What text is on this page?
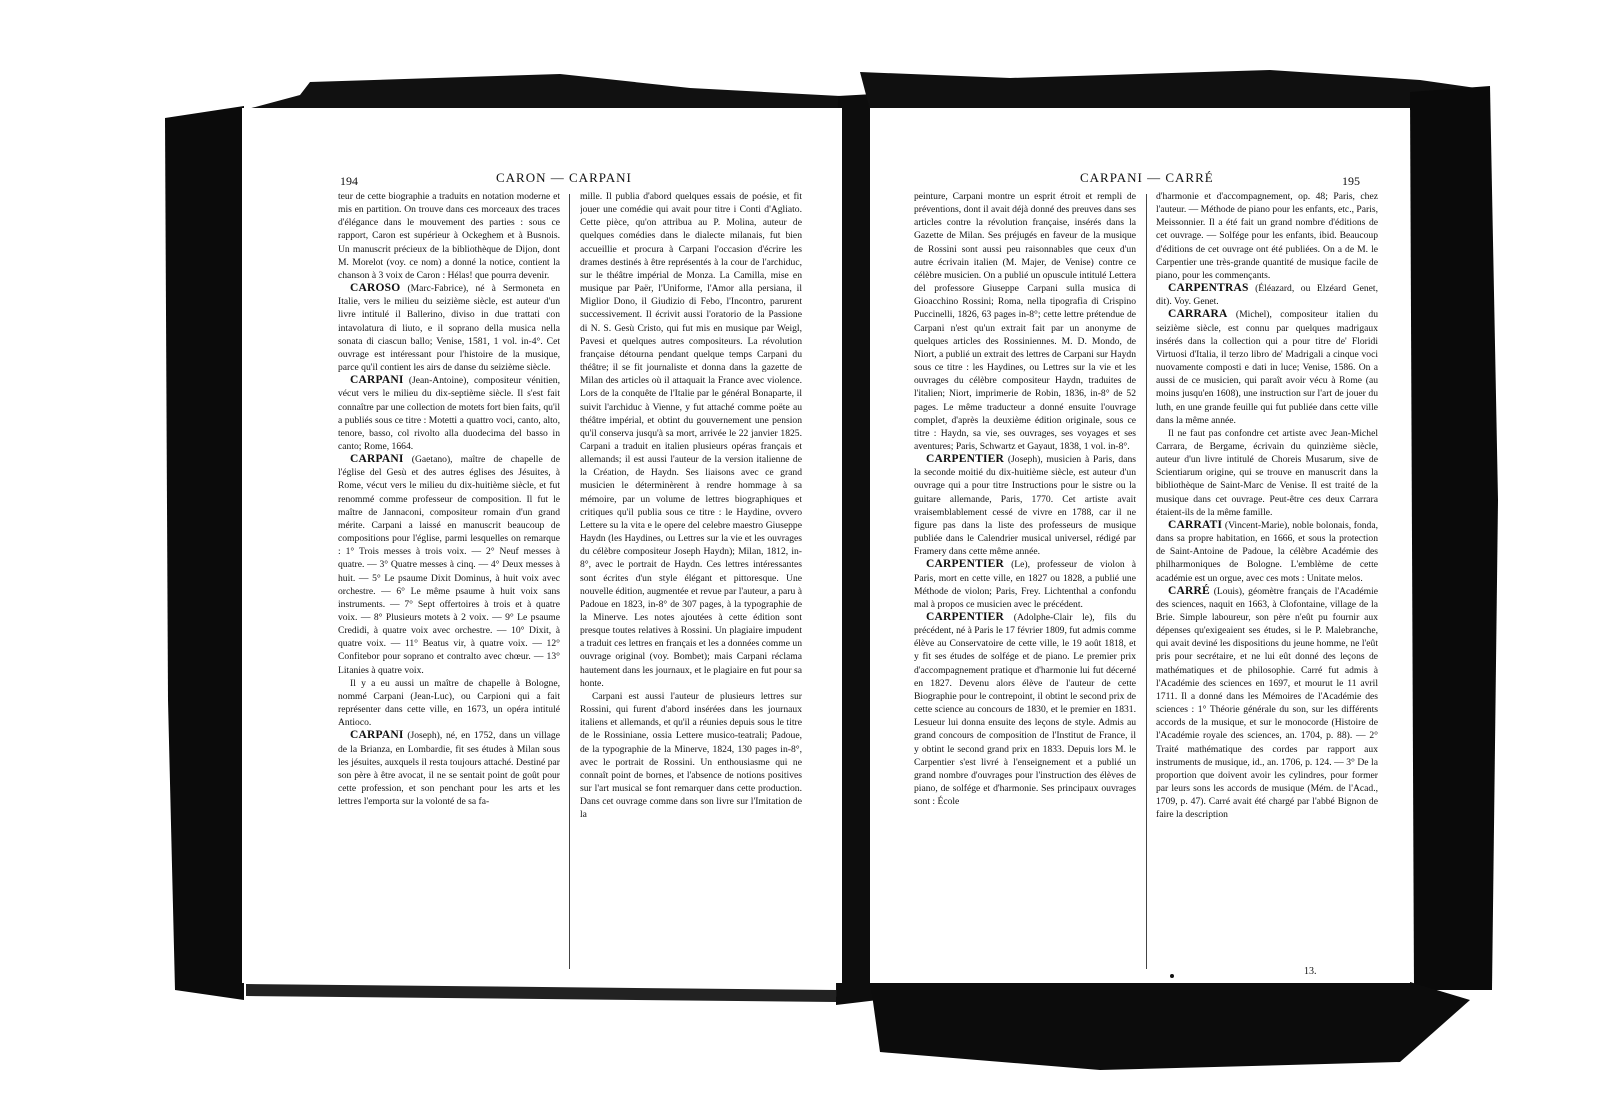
194	CARON — CARPANI

teur de cette biographie a traduits en notation moderne et mis en partition. On trouve dans ces morceaux des traces d'élégance dans le mouvement des parties : sous ce rapport, Caron est supérieur à Ockeghem et à Busnois. Un manuscrit précieux de la bibliothèque de Dijon, dont M. Morelot (voy. ce nom) a donné la notice, contient la chanson à 3 voix de Caron : Hélas! que pourra devenir.

CAROSO (Marc-Fabrice), né à Sermoneta en Italie, vers le milieu du seizième siècle, est auteur d'un livre intitulé il Ballerino, diviso in due trattati con intavolatura di liuto, e il soprano della musica nella sonata di ciascun ballo; Venise, 1581, 1 vol. in-4°. Cet ouvrage est intéressant pour l'histoire de la musique, parce qu'il contient les airs de danse du seizième siècle.

CARPANI (Jean-Antoine), compositeur vénitien, vécut vers le milieu du dix-septième siècle. Il s'est fait connaître par une collection de motets fort bien faits, qu'il a publiés sous ce titre : Motetti a quattro voci, canto, alto, tenore, basso, col rivolto alla duodecima del basso in canto; Rome, 1664.

CARPANI (Gaetano), maître de chapelle de l'église del Gesù et des autres églises des Jésuites, à Rome, vécut vers le milieu du dix-huitième siècle, et fut renommé comme professeur de composition. Il fut le maître de Jannaconi, compositeur romain d'un grand mérite. Carpani a laissé en manuscrit beaucoup de compositions pour l'église, parmi lesquelles on remarque : 1° Trois messes à trois voix. — 2° Neuf messes à quatre. — 3° Quatre messes à cinq. — 4° Deux messes à huit. — 5° Le psaume Dixit Dominus, à huit voix avec orchestre. — 6° Le même psaume à huit voix sans instruments. — 7° Sept offertoires à trois et à quatre voix. — 8° Plusieurs motets à 2 voix. — 9° Le psaume Credidi, à quatre voix avec orchestre. — 10° Dixit, à quatre voix. — 11° Beatus vir, à quatre voix. — 12° Confitebor pour soprano et contralto avec chœur. — 13° Litanies à quatre voix.

Il y a eu aussi un maître de chapelle à Bologne, nommé Carpani (Jean-Luc), ou Carpioni qui a fait représenter dans cette ville, en 1673, un opéra intitulé Antioco.

CARPANI (Joseph), né, en 1752, dans un village de la Brianza, en Lombardie, fit ses études à Milan sous les jésuites, auxquels il resta toujours attaché. Destiné par son père à être avocat, il ne se sentait point de goût pour cette profession, et son penchant pour les arts et les lettres l'emporta sur la volonté de sa fa-

mille. Il publia d'abord quelques essais de poésie, et fit jouer une comédie qui avait pour titre i Conti d'Agliato. Cette pièce, qu'on attribua au P. Molina, auteur de quelques comédies dans le dialecte milanais, fut bien accueillie et procura à Carpani l'occasion d'écrire les drames destinés à être représentés à la cour de l'archiduc, sur le théâtre impérial de Monza. La Camilla, mise en musique par Paër, l'Uniforme, l'Amor alla persiana, il Miglior Dono, il Giudizio di Febo, l'Incontro, parurent successivement. Il écrivit aussi l'oratorio de la Passione di N. S. Gesù Cristo, qui fut mis en musique par Weigl, Pavesi et quelques autres compositeurs. La révolution française détourna pendant quelque temps Carpani du théâtre; il se fit journaliste et donna dans la gazette de Milan des articles où il attaquait la France avec violence. Lors de la conquête de l'Italie par le général Bonaparte, il suivit l'archiduc à Vienne, y fut attaché comme poëte au théâtre impérial, et obtint du gouvernement une pension qu'il conserva jusqu'à sa mort, arrivée le 22 janvier 1825. Carpani a traduit en italien plusieurs opéras français et allemands; il est aussi l'auteur de la version italienne de la Création, de Haydn. Ses liaisons avec ce grand musicien le déterminèrent à rendre hommage à sa mémoire, par un volume de lettres biographiques et critiques qu'il publia sous ce titre : le Haydine, ovvero Lettere su la vita e le opere del celebre maestro Giuseppe Haydn (les Haydines, ou Lettres sur la vie et les ouvrages du célèbre compositeur Joseph Haydn); Milan, 1812, in-8°, avec le portrait de Haydn. Ces lettres intéressantes sont écrites d'un style élégant et pittoresque. Une nouvelle édition, augmentée et revue par l'auteur, a paru à Padoue en 1823, in-8° de 307 pages, à la typographie de la Minerve. Les notes ajoutées à cette édition sont presque toutes relatives à Rossini. Un plagiaire impudent a traduit ces lettres en français et les a données comme un ouvrage original (voy. Bombet); mais Carpani réclama hautement dans les journaux, et le plagiaire en fut pour sa honte.

Carpani est aussi l'auteur de plusieurs lettres sur Rossini, qui furent d'abord insérées dans les journaux italiens et allemands, et qu'il a réunies depuis sous le titre de le Rossiniane, ossia Lettere musico-teatrali; Padoue, de la typographie de la Minerve, 1824, 130 pages in-8°, avec le portrait de Rossini. Un enthousiasme qui ne connaît point de bornes, et l'absence de notions positives sur l'art musical se font remarquer dans cette production. Dans cet ouvrage comme dans son livre sur l'Imitation de la

CARPANI — CARRÉ	195

peinture, Carpani montre un esprit étroit et rempli de préventions, dont il avait déjà donné des preuves dans ses articles contre la révolution française, insérés dans la Gazette de Milan. Ses préjugés en faveur de la musique de Rossini sont aussi peu raisonnables que ceux d'un autre écrivain italien (M. Majer, de Venise) contre ce célèbre musicien. On a publié un opuscule intitulé Lettera del professore Giuseppe Carpani sulla musica di Gioacchino Rossini; Roma, nella tipografia di Crispino Puccinelli, 1826, 63 pages in-8°; cette lettre prétendue de Carpani n'est qu'un extrait fait par un anonyme de quelques articles des Rossiniennes. M. D. Mondo, de Niort, a publié un extrait des lettres de Carpani sur Haydn sous ce titre : les Haydines, ou Lettres sur la vie et les ouvrages du célèbre compositeur Haydn, traduites de l'italien; Niort, imprimerie de Robin, 1836, in-8° de 52 pages. Le même traducteur a donné ensuite l'ouvrage complet, d'après la deuxième édition originale, sous ce titre : Haydn, sa vie, ses ouvrages, ses voyages et ses aventures; Paris, Schwartz et Gayaut, 1838, 1 vol. in-8°.

CARPENTIER (Joseph), musicien à Paris, dans la seconde moitié du dix-huitième siècle, est auteur d'un ouvrage qui a pour titre Instructions pour le sistre ou la guitare allemande, Paris, 1770. Cet artiste avait vraisemblablement cessé de vivre en 1788, car il ne figure pas dans la liste des professeurs de musique publiée dans le Calendrier musical universel, rédigé par Framery dans cette même année.

CARPENTIER (Le), professeur de violon à Paris, mort en cette ville, en 1827 ou 1828, a publié une Méthode de violon; Paris, Frey. Lichtenthal a confondu mal à propos ce musicien avec le précédent.

CARPENTIER (Adolphe-Clair le), fils du précédent, né à Paris le 17 février 1809, fut admis comme élève au Conservatoire de cette ville, le 19 août 1818, et y fit ses études de solfége et de piano. Le premier prix d'accompagnement pratique et d'harmonie lui fut décerné en 1827. Devenu alors élève de l'auteur de cette Biographie pour le contrepoint, il obtint le second prix de cette science au concours de 1830, et le premier en 1831. Lesueur lui donna ensuite des leçons de style. Admis au grand concours de composition de l'Institut de France, il y obtint le second grand prix en 1833. Depuis lors M. le Carpentier s'est livré à l'enseignement et a publié un grand nombre d'ouvrages pour l'instruction des élèves de piano, de solfége et d'harmonie. Ses principaux ouvrages sont : École

d'harmonie et d'accompagnement, op. 48; Paris, chez l'auteur. — Méthode de piano pour les enfants, etc., Paris, Meissonnier. Il a été fait un grand nombre d'éditions de cet ouvrage. — Solfége pour les enfants, ibid. Beaucoup d'éditions de cet ouvrage ont été publiées. On a de M. le Carpentier une très-grande quantité de musique facile de piano, pour les commençants.

CARPENTRAS (Éléazard, ou Elzéard Genet, dit). Voy. Genet.

CARRARA (Michel), compositeur italien du seizième siècle, est connu par quelques madrigaux insérés dans la collection qui a pour titre de' Floridi Virtuosi d'Italia, il terzo libro de' Madrigali a cinque voci nuovamente composti e dati in luce; Venise, 1586. On a aussi de ce musicien, qui paraît avoir vécu à Rome (au moins jusqu'en 1608), une instruction sur l'art de jouer du luth, en une grande feuille qui fut publiée dans cette ville dans la même année.

Il ne faut pas confondre cet artiste avec Jean-Michel Carrara, de Bergame, écrivain du quinzième siècle, auteur d'un livre intitulé de Choreis Musarum, sive de Scientiarum origine, qui se trouve en manuscrit dans la bibliothèque de Saint-Marc de Venise. Il est traité de la musique dans cet ouvrage. Peut-être ces deux Carrara étaient-ils de la même famille.

CARRATI (Vincent-Marie), noble bolonais, fonda, dans sa propre habitation, en 1666, et sous la protection de Saint-Antoine de Padoue, la célèbre Académie des philharmoniques de Bologne. L'emblème de cette académie est un orgue, avec ces mots : Unitate melos.

CARRÉ (Louis), géomètre français de l'Académie des sciences, naquit en 1663, à Clofontaine, village de la Brie. Simple laboureur, son père n'eût pu fournir aux dépenses qu'exigeaient ses études, si le P. Malebranche, qui avait deviné les dispositions du jeune homme, ne l'eût pris pour secrétaire, et ne lui eût donné des leçons de mathématiques et de philosophie. Carré fut admis à l'Académie des sciences en 1697, et mourut le 11 avril 1711. Il a donné dans les Mémoires de l'Académie des sciences : 1° Théorie générale du son, sur les différents accords de la musique, et sur le monocorde (Histoire de l'Académie royale des sciences, an. 1704, p. 88). — 2° Traité mathématique des cordes par rapport aux instruments de musique, id., an. 1706, p. 124. — 3° De la proportion que doivent avoir les cylindres, pour former par leurs sons les accords de musique (Mém. de l'Acad., 1709, p. 47). Carré avait été chargé par l'abbé Bignon de faire la description

13.
